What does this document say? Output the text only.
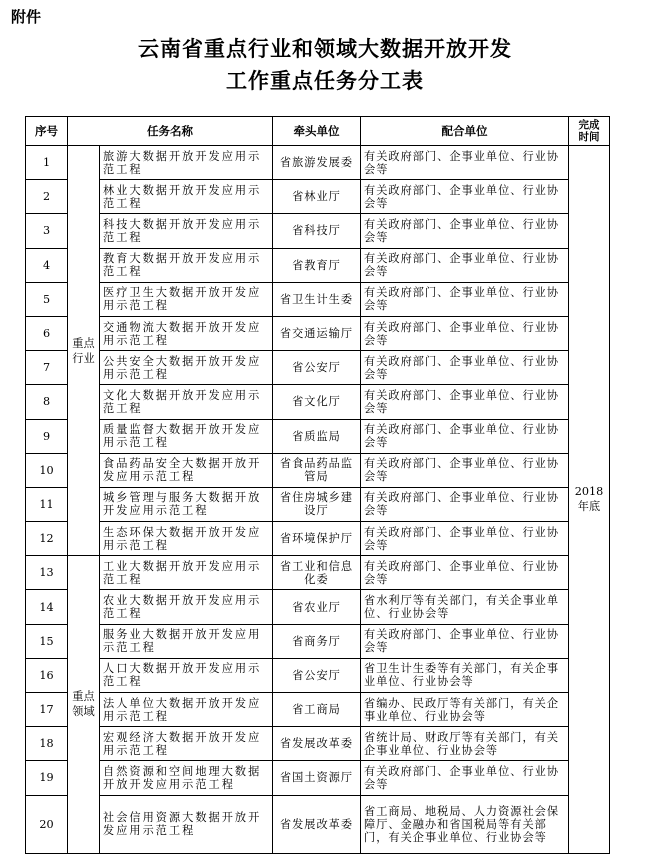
附件
云南省重点行业和领域大数据开放开发
工作重点任务分工表
序号	任务名称		牵头单位	配合单位	完成
时间
1	重点
行业	旅游大数据开放开发应用示范工程	省旅游发展委	有关政府部门、企事业单位、行业协会等	2018
年底
2		林业大数据开放开发应用示范工程	省林业厅	有关政府部门、企事业单位、行业协会等	
3		科技大数据开放开发应用示范工程	省科技厅	有关政府部门、企事业单位、行业协会等	
4		教育大数据开放开发应用示范工程	省教育厅	有关政府部门、企事业单位、行业协会等	
5		医疗卫生大数据开放开发应用示范工程	省卫生计生委	有关政府部门、企事业单位、行业协会等	
6		交通物流大数据开放开发应用示范工程	省交通运输厅	有关政府部门、企事业单位、行业协会等	
7		公共安全大数据开放开发应用示范工程	省公安厅	有关政府部门、企事业单位、行业协会等	
8		文化大数据开放开发应用示范工程	省文化厅	有关政府部门、企事业单位、行业协会等	
9		质量监督大数据开放开发应用示范工程	省质监局	有关政府部门、企事业单位、行业协会等	
10		食品药品安全大数据开放开发应用示范工程	省食品药品监管局	有关政府部门、企事业单位、行业协会等	
11		城乡管理与服务大数据开放开发应用示范工程	省住房城乡建设厅	有关政府部门、企事业单位、行业协会等	
12		生态环保大数据开放开发应用示范工程	省环境保护厅	有关政府部门、企事业单位、行业协会等	
13	重点
领域	工业大数据开放开发应用示范工程	省工业和信息化委	有关政府部门、企事业单位、行业协会等	
14		农业大数据开放开发应用示范工程	省农业厅	省水利厅等有关部门，有关企事业单位、行业协会等	
15		服务业大数据开放开发应用示范工程	省商务厅	有关政府部门、企事业单位、行业协会等	
16		人口大数据开放开发应用示范工程	省公安厅	省卫生计生委等有关部门，有关企事业单位、行业协会等	
17		法人单位大数据开放开发应用示范工程	省工商局	省编办、民政厅等有关部门，有关企事业单位、行业协会等	
18		宏观经济大数据开放开发应用示范工程	省发展改革委	省统计局、财政厅等有关部门，有关企事业单位、行业协会等	
19		自然资源和空间地理大数据开放开发应用示范工程	省国土资源厅	有关政府部门、企事业单位、行业协会等	
20		社会信用资源大数据开放开发应用示范工程	省发展改革委	省工商局、地税局、人力资源社会保障厅、金融办和省国税局等有关部门，有关企事业单位、行业协会等	
